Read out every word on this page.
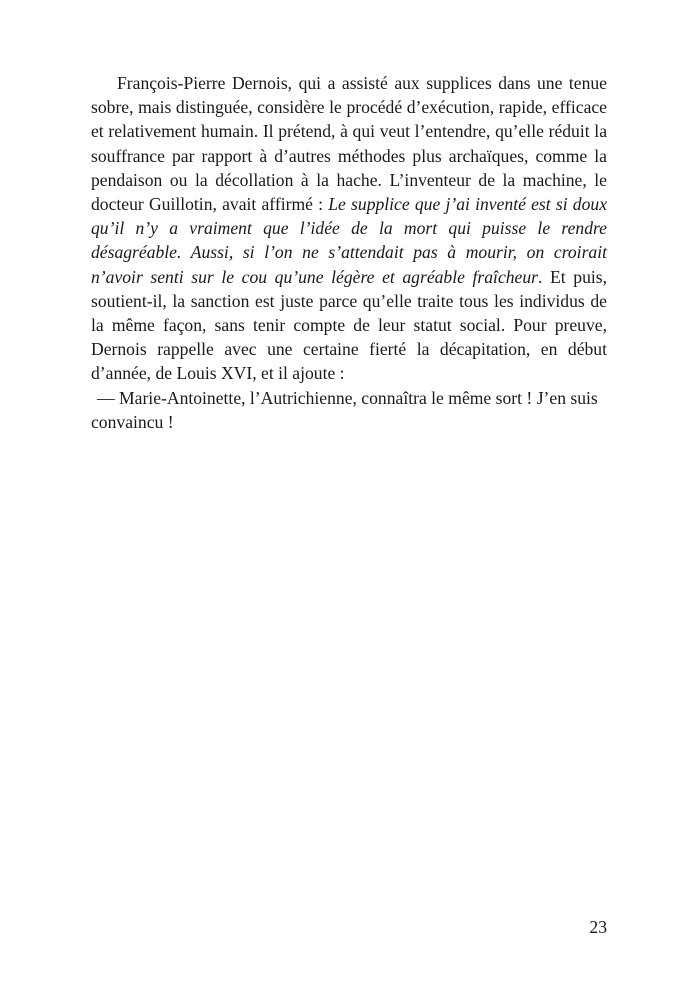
François-Pierre Dernois, qui a assisté aux supplices dans une tenue sobre, mais distinguée, considère le procédé d’exécution, rapide, efficace et relativement humain. Il prétend, à qui veut l’entendre, qu’elle réduit la souffrance par rapport à d’autres méthodes plus archaïques, comme la pendaison ou la décollation à la hache. L’inventeur de la machine, le docteur Guillotin, avait affirmé : Le supplice que j’ai inventé est si doux qu’il n’y a vraiment que l’idée de la mort qui puisse le rendre désagréable. Aussi, si l’on ne s’attendait pas à mourir, on croirait n’avoir senti sur le cou qu’une légère et agréable fraîcheur. Et puis, soutient-il, la sanction est juste parce qu’elle traite tous les individus de la même façon, sans tenir compte de leur statut social. Pour preuve, Dernois rappelle avec une certaine fierté la décapitation, en début d’année, de Louis XVI, et il ajoute :

— Marie-Antoinette, l’Autrichienne, connaîtra le même sort ! J’en suis convaincu !

23
